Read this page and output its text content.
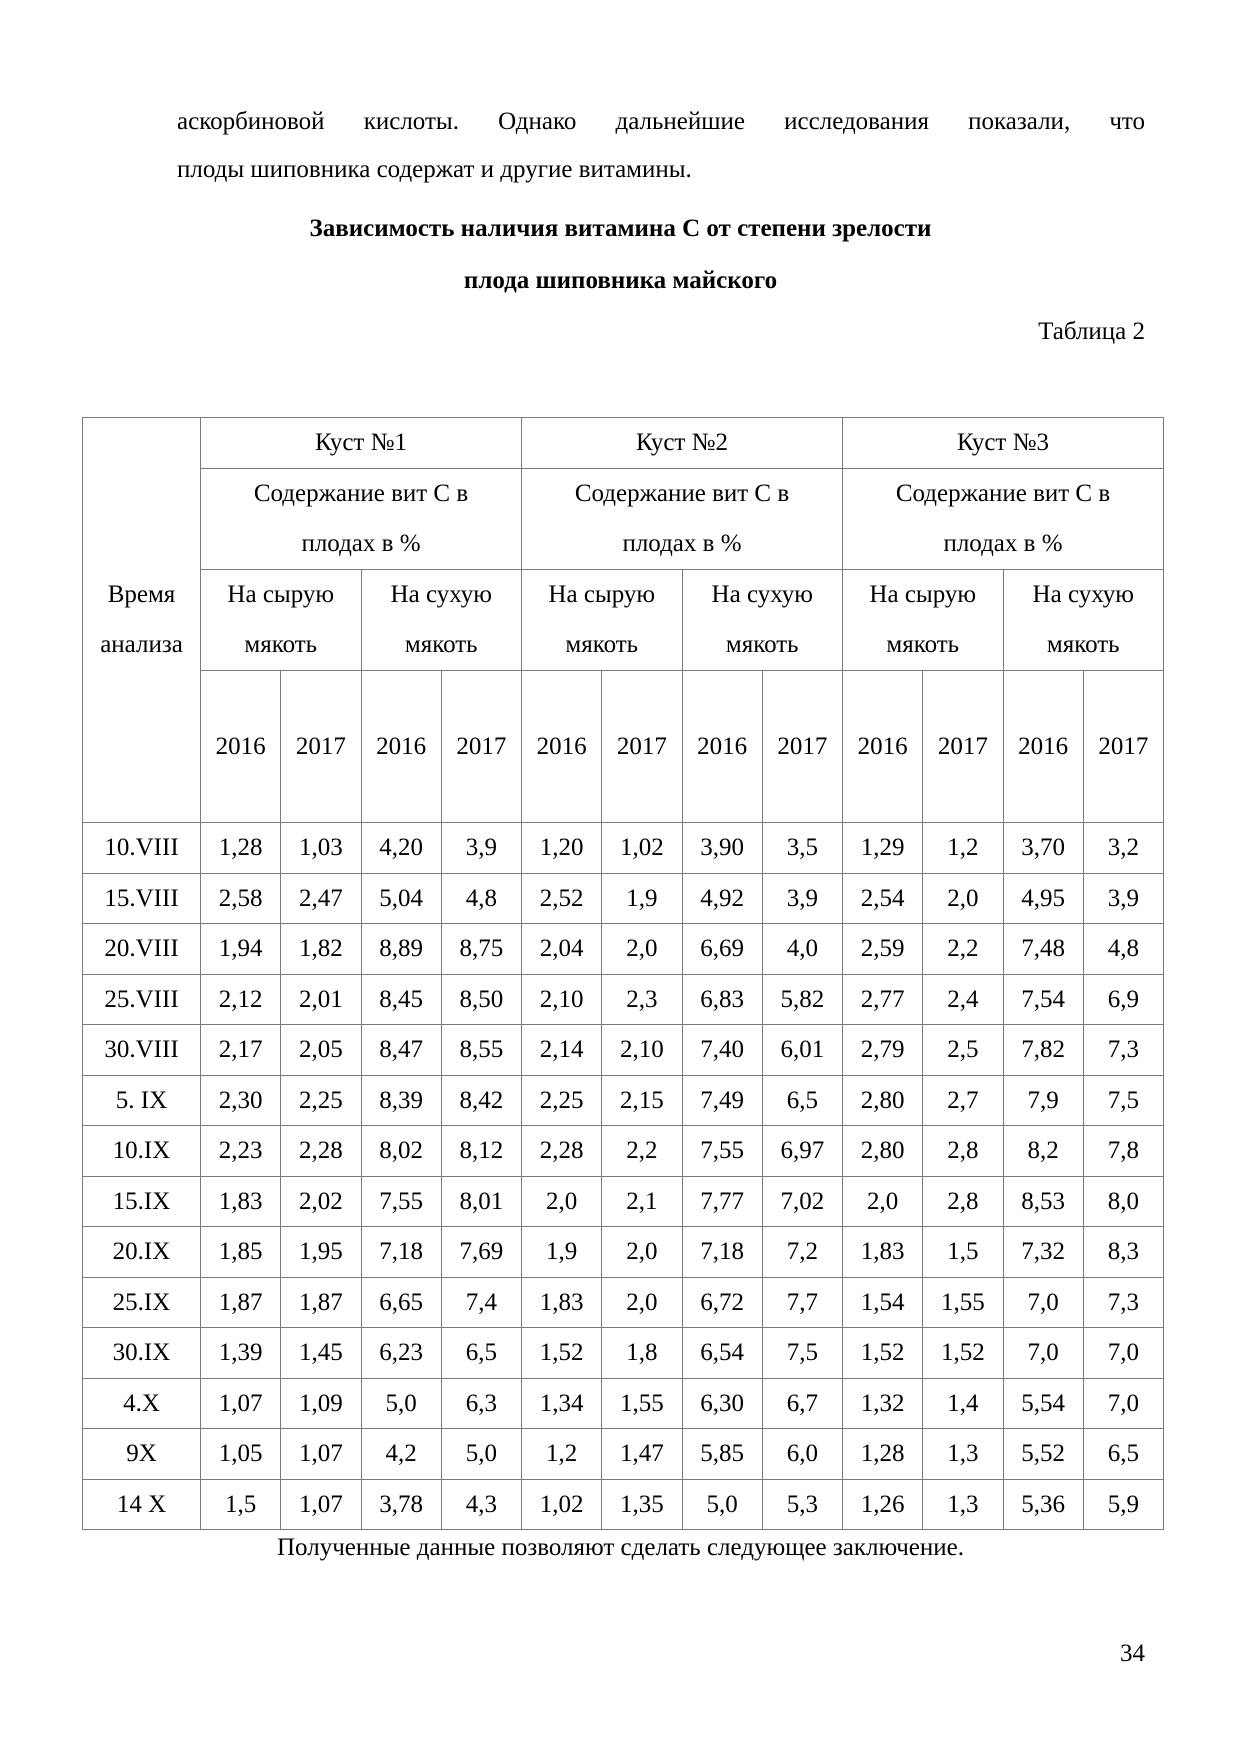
аскорбиновой кислоты. Однако дальнейшие исследования показали, что
плоды шиповника содержат и другие витамины.
Зависимость наличия витамина С от степени зрелости
плода шиповника майского
Таблица 2
Время анализа	Куст №1				Куст №2				Куст №3			
	Содержание вит С в плодах в %				Содержание вит С в плодах в %				Содержание вит С в плодах в %			
	На сырую мякоть		На сухую мякоть		На сырую мякоть		На сухую мякоть		На сырую мякоть		На сухую мякоть	
	2016	2017	2016	2017	2016	2017	2016	2017	2016	2017	2016	2017
10.VIII	1,28	1,03	4,20	3,9	1,20	1,02	3,90	3,5	1,29	1,2	3,70	3,2
15.VIII	2,58	2,47	5,04	4,8	2,52	1,9	4,92	3,9	2,54	2,0	4,95	3,9
20.VIII	1,94	1,82	8,89	8,75	2,04	2,0	6,69	4,0	2,59	2,2	7,48	4,8
25.VIII	2,12	2,01	8,45	8,50	2,10	2,3	6,83	5,82	2,77	2,4	7,54	6,9
30.VIII	2,17	2,05	8,47	8,55	2,14	2,10	7,40	6,01	2,79	2,5	7,82	7,3
5. IX	2,30	2,25	8,39	8,42	2,25	2,15	7,49	6,5	2,80	2,7	7,9	7,5
10.IX	2,23	2,28	8,02	8,12	2,28	2,2	7,55	6,97	2,80	2,8	8,2	7,8
15.IX	1,83	2,02	7,55	8,01	2,0	2,1	7,77	7,02	2,0	2,8	8,53	8,0
20.IX	1,85	1,95	7,18	7,69	1,9	2,0	7,18	7,2	1,83	1,5	7,32	8,3
25.IX	1,87	1,87	6,65	7,4	1,83	2,0	6,72	7,7	1,54	1,55	7,0	7,3
30.IX	1,39	1,45	6,23	6,5	1,52	1,8	6,54	7,5	1,52	1,52	7,0	7,0
4.X	1,07	1,09	5,0	6,3	1,34	1,55	6,30	6,7	1,32	1,4	5,54	7,0
9X	1,05	1,07	4,2	5,0	1,2	1,47	5,85	6,0	1,28	1,3	5,52	6,5
14 X	1,5	1,07	3,78	4,3	1,02	1,35	5,0	5,3	1,26	1,3	5,36	5,9
Полученные данные позволяют сделать следующее заключение.
34
